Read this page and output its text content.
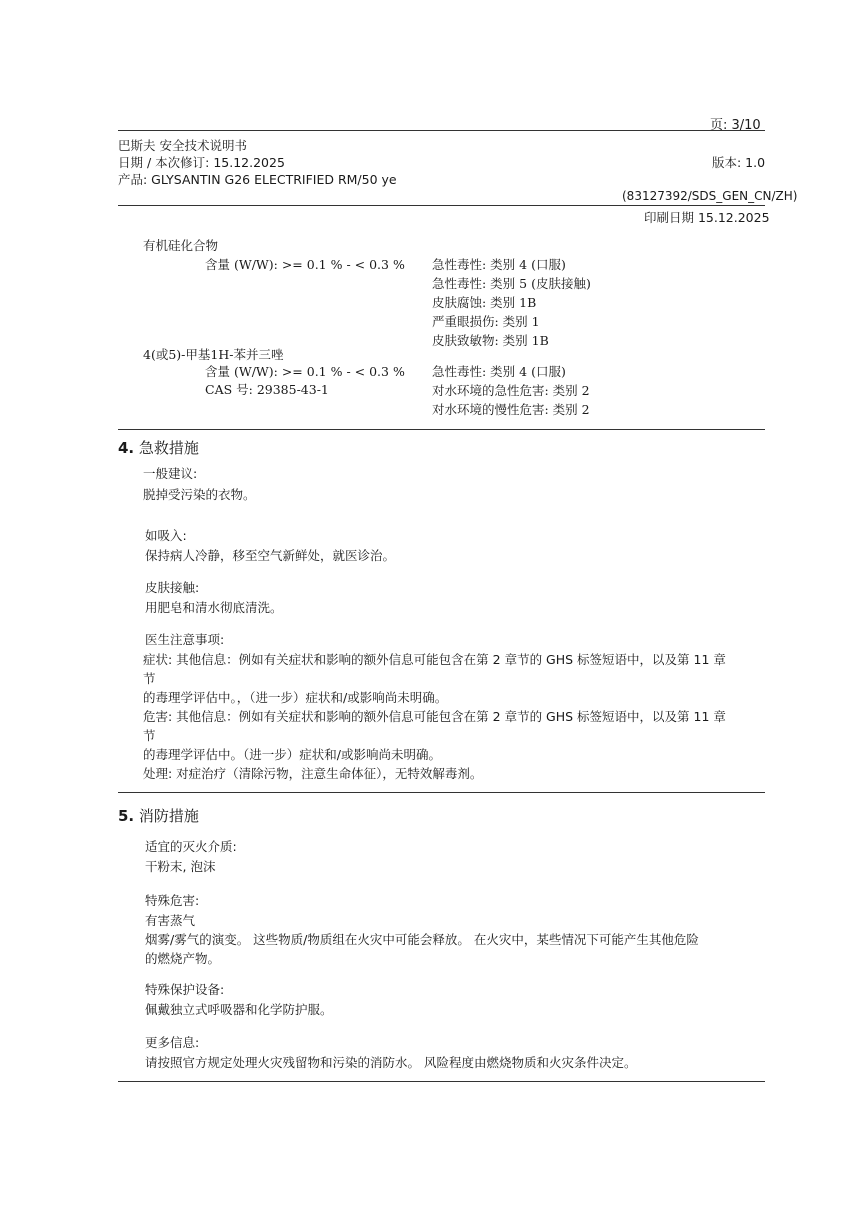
页: 3/10
巴斯夫 安全技术说明书
日期 / 本次修订: 15.12.2025	版本: 1.0
产品: GLYSANTIN G26 ELECTRIFIED RM/50 ye
(83127392/SDS_GEN_CN/ZH)
印刷日期 15.12.2025
有机硅化合物
含量 (W/W): >= 0.1 % - < 0.3 % 急性毒性: 类别 4 (口服)
急性毒性: 类别 5 (皮肤接触)
皮肤腐蚀: 类别 1B
严重眼损伤: 类别 1
皮肤致敏物: 类别 1B
4(或5)-甲基1H-苯并三唑
含量 (W/W): >= 0.1 % - < 0.3 %
CAS 号: 29385-43-1
急性毒性: 类别 4 (口服)
对水环境的急性危害: 类别 2
对水环境的慢性危害: 类别 2
4. 急救措施
一般建议:
脱掉受污染的衣物。
如吸入:
保持病人冷静，移至空气新鲜处，就医诊治。
皮肤接触:
用肥皂和清水彻底清洗。
医生注意事项:

症状: 其他信息：例如有关症状和影响的额外信息可能包含在第 2 章节的 GHS 标签短语中，以及第 11 章

节

的毒理学评估中。，（进一步）症状和/或影响尚未明确。

危害: 其他信息：例如有关症状和影响的额外信息可能包含在第 2 章节的 GHS 标签短语中，以及第 11 章

节

的毒理学评估中。（进一步）症状和/或影响尚未明确。

处理: 对症治疗（清除污物，注意生命体征），无特效解毒剂。

5. 消防措施
适宜的灭火介质:
干粉末, 泡沫
特殊危害:

有害蒸气

烟雾/雾气的演变。 这些物质/物质组在火灾中可能会释放。 在火灾中，某些情况下可能产生其他危险

的燃烧产物。

特殊保护设备:
佩戴独立式呼吸器和化学防护服。
更多信息:
请按照官方规定处理火灾残留物和污染的消防水。 风险程度由燃烧物质和火灾条件决定。
